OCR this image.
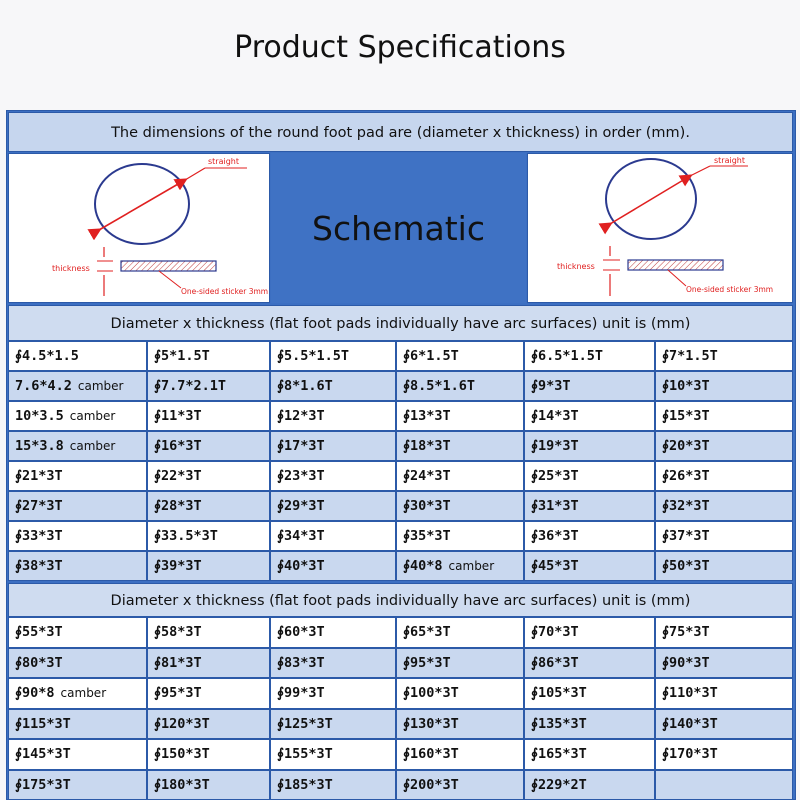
Product Specifications
The dimensions of the round foot pad are (diameter x thickness) in order (mm).
straight
thickness
One-sided sticker 3mm
Schematic
straight
thickness
One-sided sticker 3mm
Diameter x thickness (flat foot pads individually have arc surfaces) unit is (mm)
∮4.5*1.5	∮5*1.5T	∮5.5*1.5T	∮6*1.5T	∮6.5*1.5T	∮7*1.5T
7.6*4.2 camber ∮7.7*2.1T	∮8*1.6T	∮8.5*1.6T	∮9*3T	∮10*3T
10*3.5 camber	∮11*3T	∮12*3T	∮13*3T	∮14*3T	∮15*3T
15*3.8 camber	∮16*3T	∮17*3T	∮18*3T	∮19*3T	∮20*3T
∮21*3T	∮22*3T	∮23*3T	∮24*3T	∮25*3T	∮26*3T
∮27*3T	∮28*3T	∮29*3T	∮30*3T	∮31*3T	∮32*3T
∮33*3T	∮33.5*3T	∮34*3T	∮35*3T	∮36*3T	∮37*3T
∮38*3T	∮39*3T	∮40*3T	∮40*8 camber	∮45*3T	∮50*3T
Diameter x thickness (flat foot pads individually have arc surfaces) unit is (mm)
∮55*3T	∮58*3T	∮60*3T	∮65*3T	∮70*3T	∮75*3T
∮80*3T	∮81*3T	∮83*3T	∮95*3T	∮86*3T	∮90*3T
∮90*8 camber	∮95*3T	∮99*3T	∮100*3T	∮105*3T	∮110*3T
∮115*3T	∮120*3T	∮125*3T	∮130*3T	∮135*3T	∮140*3T
∮145*3T	∮150*3T	∮155*3T	∮160*3T	∮165*3T	∮170*3T
∮175*3T	∮180*3T	∮185*3T	∮200*3T	∮229*2T
